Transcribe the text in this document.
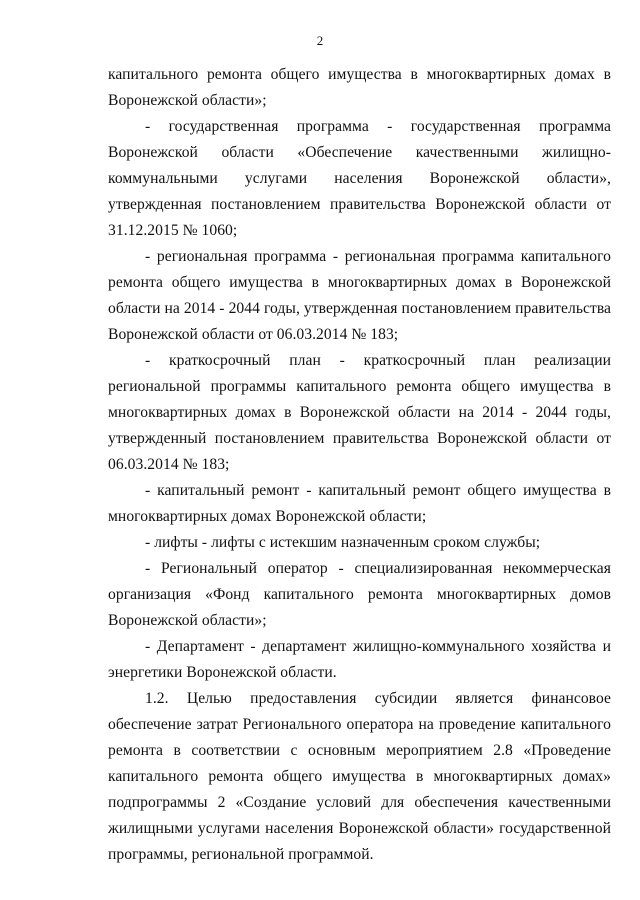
2

капитального ремонта общего имущества в многоквартирных домах в Воронежской области»;

- государственная программа - государственная программа Воронежской области «Обеспечение качественными жилищно-коммунальными услугами населения Воронежской области», утвержденная постановлением правительства Воронежской области от 31.12.2015 № 1060;

- региональная программа - региональная программа капитального ремонта общего имущества в многоквартирных домах в Воронежской области на 2014 - 2044 годы, утвержденная постановлением правительства Воронежской области от 06.03.2014 № 183;

- краткосрочный план - краткосрочный план реализации региональной программы капитального ремонта общего имущества в многоквартирных домах в Воронежской области на 2014 - 2044 годы, утвержденный постановлением правительства Воронежской области от 06.03.2014 № 183;

- капитальный ремонт - капитальный ремонт общего имущества в многоквартирных домах Воронежской области;

- лифты - лифты с истекшим назначенным сроком службы;

- Региональный оператор - специализированная некоммерческая организация «Фонд капитального ремонта многоквартирных домов Воронежской области»;

- Департамент - департамент жилищно-коммунального хозяйства и энергетики Воронежской области.

1.2. Целью предоставления субсидии является финансовое обеспечение затрат Регионального оператора на проведение капитального ремонта в соответствии с основным мероприятием 2.8 «Проведение капитального ремонта общего имущества в многоквартирных домах» подпрограммы 2 «Создание условий для обеспечения качественными жилищными услугами населения Воронежской области» государственной программы, региональной программой.
